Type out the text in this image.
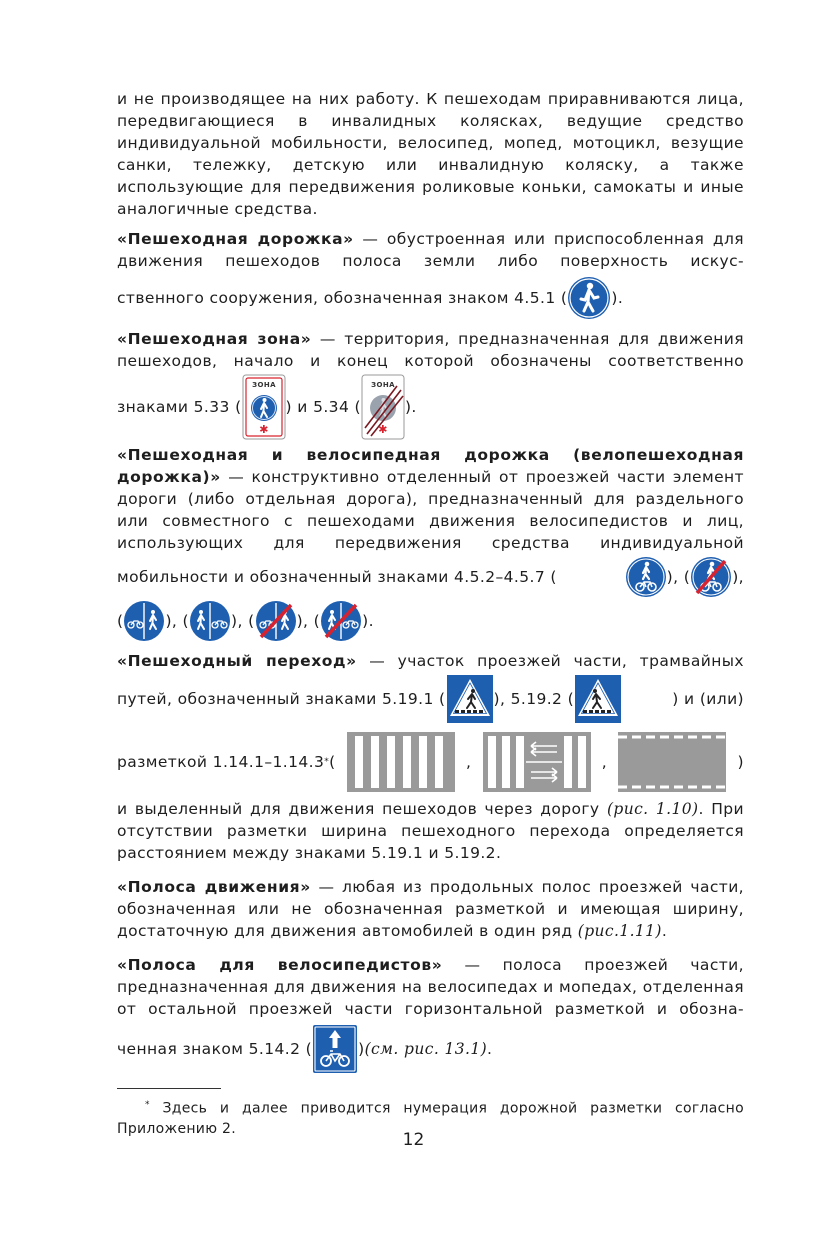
и не производящее на них работу. К пешеходам приравниваются лица, передвигающиеся в инвалидных колясках, ведущие средство индивидуальной мобильности, велосипед, мопед, мотоцикл, везущие санки, тележку, детскую или инвалидную коляску, а также использующие для передвижения роликовые коньки, самокаты и иные аналогичные средства.

«Пешеходная дорожка» — обустроенная или приспособленная для движения пешеходов полоса земли либо поверхность искус-

ственного сооружения, обозначенная знаком 4.5.1 (	).

«Пешеходная зона» — территория, предназначенная для движения пешеходов, начало и конец которой обозначены соответственно

знаками 5.33 (
ЗОНА
✱
) и 5.34 (
ЗОНА
✱
).

«Пешеходная и велосипедная дорожка (велопешеходная дорожка)» — конструктивно отделенный от проезжей части элемент дороги (либо отдельная дорога), предназначенный для раздельного или совместного с пешеходами движения велосипедистов и лиц, использующих для передвижения средства индивидуальной

мобильности и обозначенный знаками 4.5.2–4.5.7 (	), (	),
(	), (	), (	), (	).

«Пешеходный переход» — участок проезжей части, трамвайных

путей, обозначенный знаками 5.19.1 (	), 5.19.2 (	) и (или)
разметкой 1.14.1–1.14.3 * (	,	,	)

и выделенный для движения пешеходов через дорогу (рис. 1.10). При отсутствии разметки ширина пешеходного перехода определяется расстоянием между знаками 5.19.1 и 5.19.2.

«Полоса движения» — любая из продольных полос проезжей части, обозначенная или не обозначенная разметкой и имеющая ширину, достаточную для движения автомобилей в один ряд (рис.1.11).

«Полоса для велосипедистов» — полоса проезжей части, предназначенная для движения на велосипедах и мопедах, отделенная от остальной проезжей части горизонтальной разметкой и обозна-

ченная знаком 5.14.2 (	) (см. рис. 13.1) .

* Здесь и далее приводится нумерация дорожной разметки согласно Приложению 2.

12
